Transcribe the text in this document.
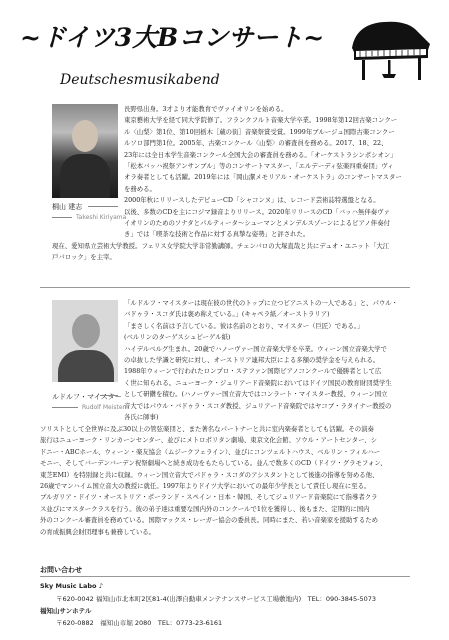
~ドイツ3大Bコンサート~
Deutschesmusikabend
桐山 建志
Takeshi Kiriyama

長野県出身。3才より才能教育でヴァイオリンを始める。

東京藝術大学を経て同大学院修了。フランクフルト音楽大学卒業。1998年第12回古楽コンクー

ル〈山梨〉第1位、第10回栃木［蔵の街］音楽祭賞受賞。1999年ブルージュ国際古楽コンクー

ルソロ部門第1位。2005年、古楽コンクール〈山梨〉の審査員を務める。2017、18、22、

23年には全日本学生音楽コンクール全国大会の審査員を務める。「オーケストラシンポシオン」

「松本バッハ祝祭アンサンブル」等のコンサートマスター、「エルデーディ弦楽四重奏団」ヴィ

オラ奏者としても活躍。2019年には「岡山潔メモリアル・オーケストラ」のコンサートマスター

を務める。

2000年秋にリリースしたデビューCD「シャコンヌ」は、レコード芸術誌特選盤となる。

以後、多数のCDを主にコジマ録音よりリリース。2020年リリースのCD「バッハ無伴奏ヴァ

イオリンのためのソナタとパルティータ〜シューマンとメンデルスゾーンによるピアノ伴奏付

き」では「喫茶な技術と作品に対する真摯な姿勢」と評された。

現在、愛知県立芸術大学教授。フェリス女学院大学非常勤講師。チェンバロの大塚直哉と共にデュオ・ユニット「大江

戸バロック」を主宰。

ルドルフ・マイスター
Rudolf Meister

「ルドルフ・マイスターは現在彼の世代のトップに立つピアニストの一人である」と、パウル・

バドゥラ・スコダ氏は褒め称えている。」(キャペラ紙／オーストラリア)

「まさしく名前は予言している。彼は名前のとおり、マイスター（巨匠）である。」

(ベルリンのターゲスシュピーゲル紙)

ハイデルベルグ生まれ。20歳でハノーヴァー国立音楽大学を卒業。ウィーン国立音楽大学で

の卓抜した学識と研究に対し、オーストリア連邦大臣による多額の奨学金を与えられる。

1988年ウィーンで行われたロンプロ・ステファン国際ピアノコンクールで優勝者として広

く世に知られる。ニューヨーク・ジュリアード音楽院においてはドイツ国民の教育財団奨学生

として研鑽を積む。(ハノーヴァー国立音大ではコンラート・マイスター教授、ウィーン国立

音大ではパウル・バドゥラ・スコダ教授、ジュリアード音楽院ではヤコブ・ラタイナー教授の

各氏に師事)

ソリストとして全世界に及ぶ30以上の管弦楽団と、また著名なパートナーと共に室内楽奏者としても活躍。その演奏

旅行はニューヨーク・リンカーンセンター、並びにメトロポリタン劇場、東京文化会館、ソウル・アートセンター、シ

ドニー・ABCホール、ウィーン・楽友協会（ムジークフェライン）、並びにコンツェルトハウス、ベルリン・フィルハー

モニー、そしてバーデンバーデン祝祭劇場へと続き成功をもたらしている。並んで数多くのCD（ドイツ・グラモフォン、

東芝EMI）を特別録と共に収録。ウィーン国立音大でパドゥラ・スコダのアシスタントとして後進の指導を努める他、

26歳でマンハイム国立音大の教授に就任。1997年よりドイツ大学においての最年少学長として責任し現在に至る。

ブルガリア・ドイツ・オーストリア・ポーランド・スペイン・日本・韓国、そしてジュリアード音楽院にて指導者クラ

ス並びにマスタークラスを行う。彼の弟子達は重要な国内外のコンクールで1位を獲得し、後もまた、定期的に国内

外のコンクール審査員を務めている。国際マックス・レーガー協会の委員長。同時にまた、若い音楽家を援助するため

の育成振興会財団理事も兼務している。

お問い合わせ
Sky Music Labo ♪
〒620-0042 福知山市北本町2区81-4(出澤自動車メンテナンスサービス工場敷地内)　TEL：090-3845-5073
福知山サンホテル
〒620-0882　福知山市堀 2080　TEL：0773-23-6161
